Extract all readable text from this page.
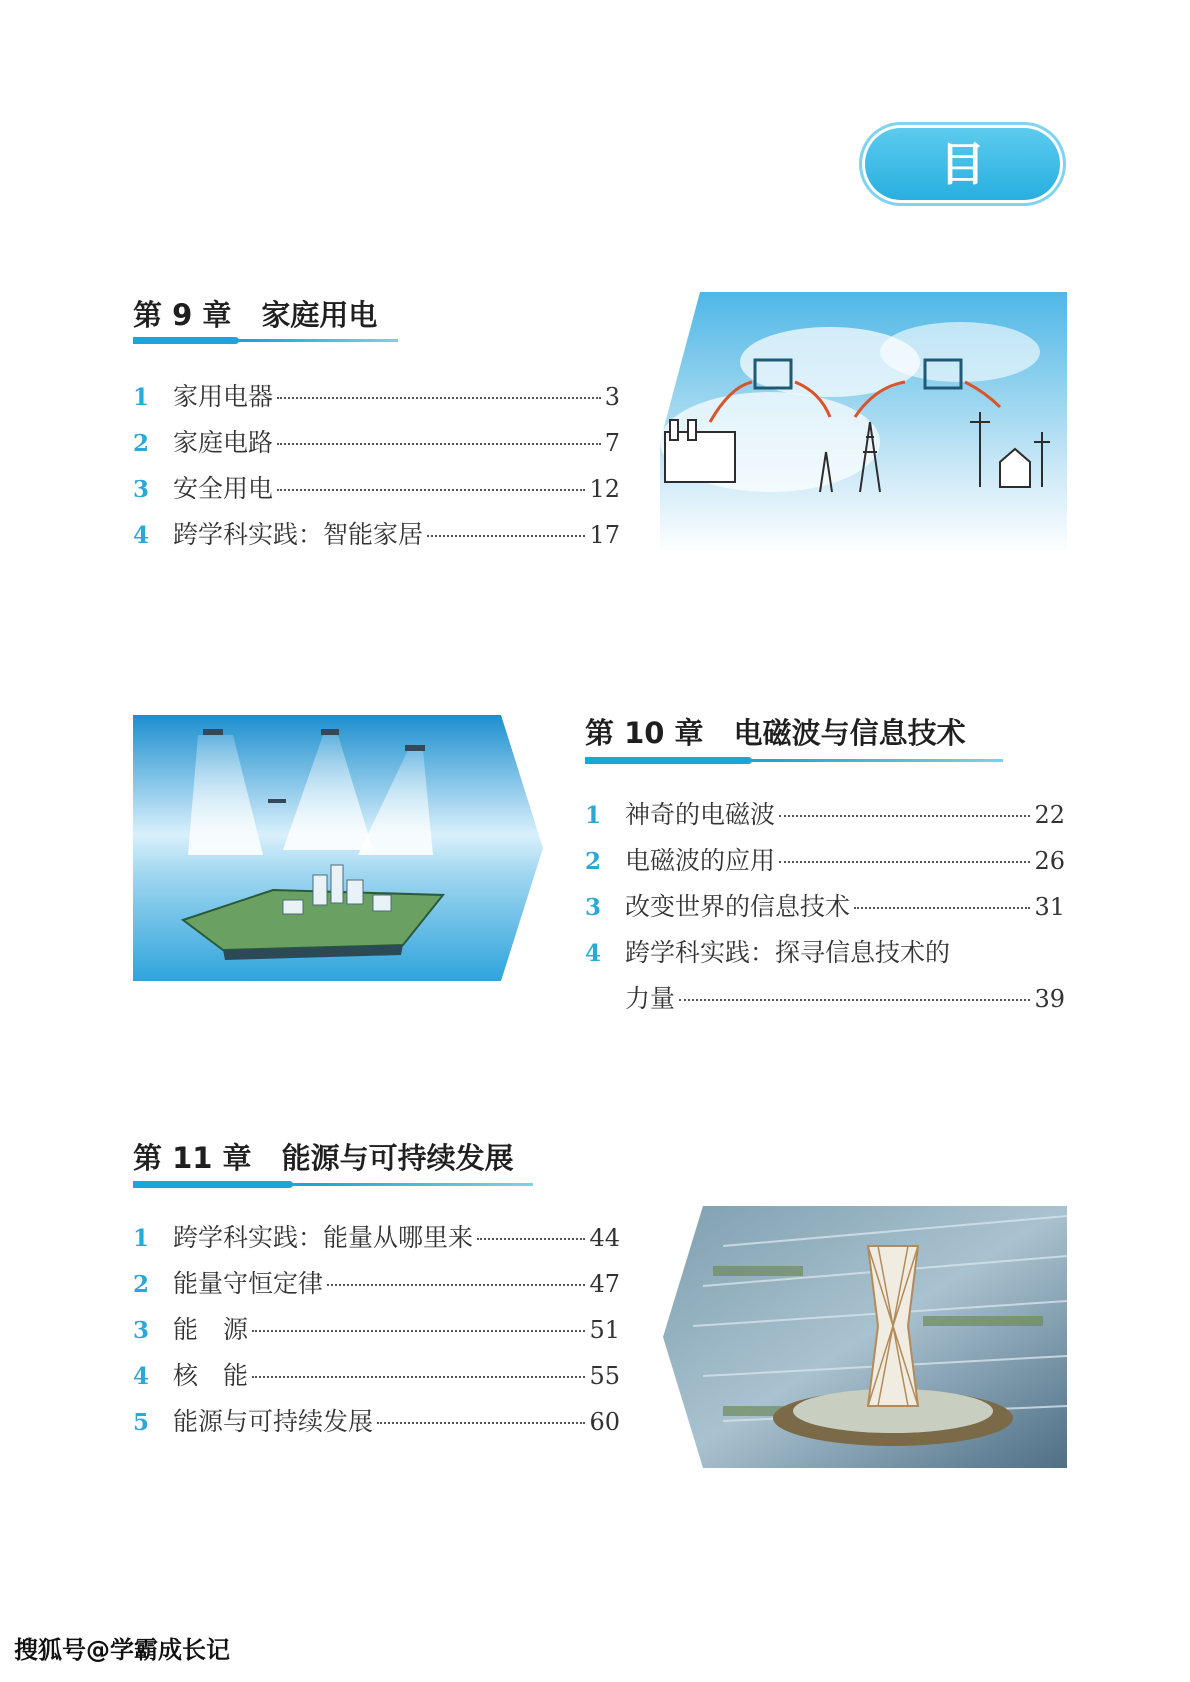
目 录
第 9 章 家庭用电
1 家用电器	3
2 家庭电路	7
3 安全用电	12
4 跨学科实践：智能家居	17
第 10 章 电磁波与信息技术
1 神奇的电磁波	22
2 电磁波的应用	26
3 改变世界的信息技术	31
4 跨学科实践：探寻信息技术的
力量	39
第 11 章 能源与可持续发展
1 跨学科实践：能量从哪里来	44
2 能量守恒定律	47
3 能　源	51
4 核　能	55
5 能源与可持续发展	60
搜狐号@学霸成长记
